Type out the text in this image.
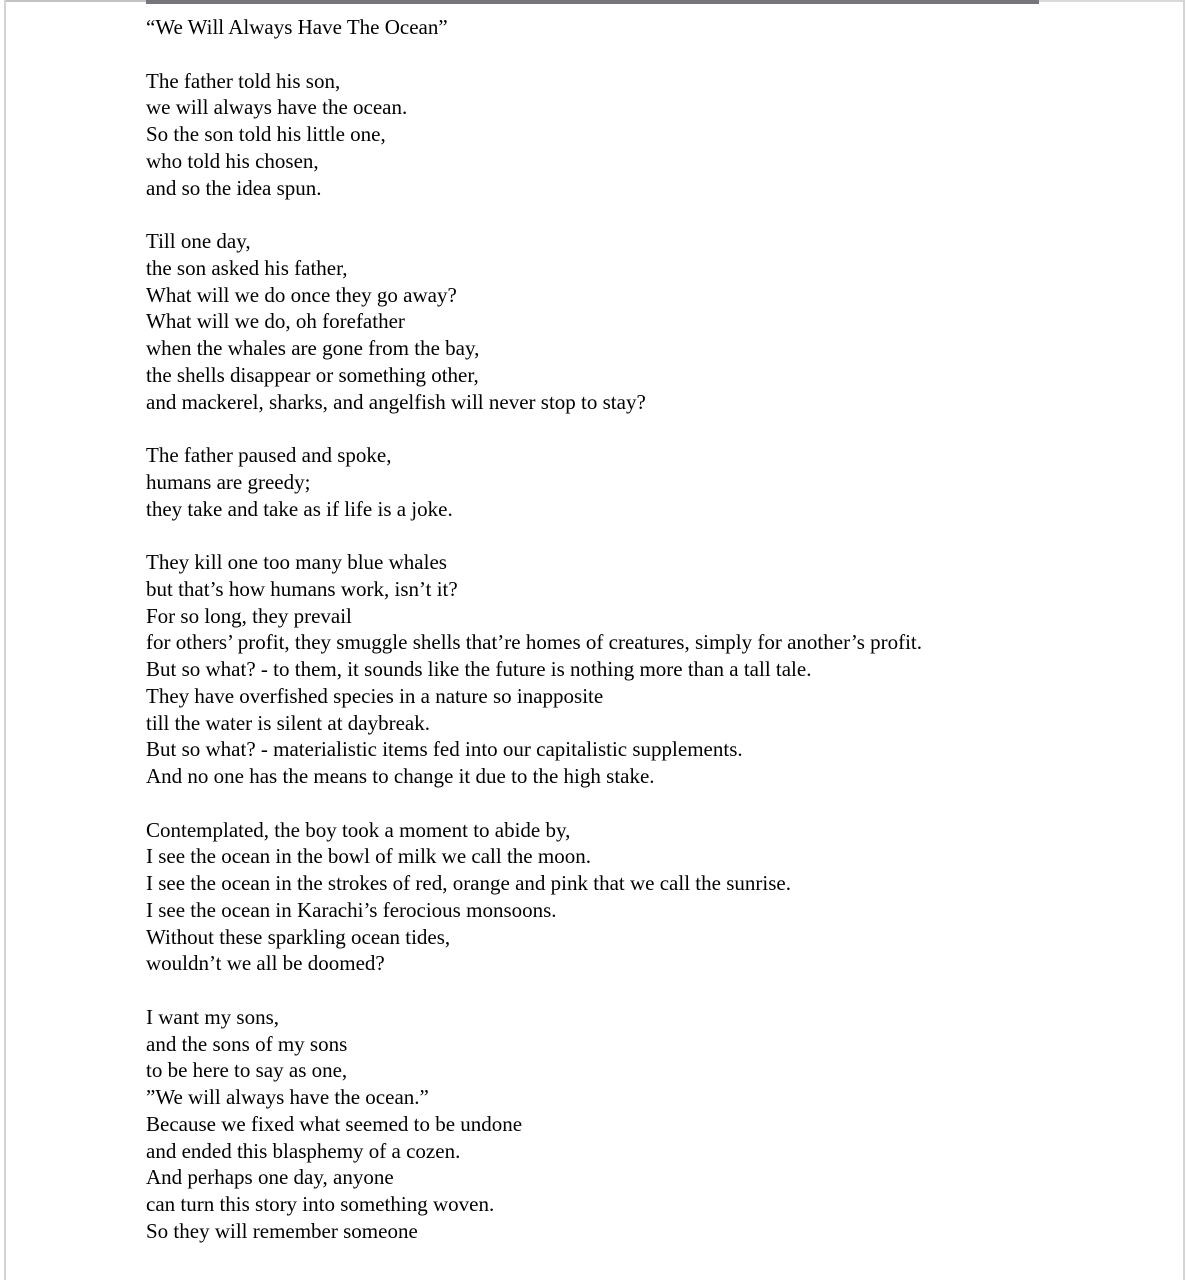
“We Will Always Have The Ocean”
The father told his son,
we will always have the ocean.
So the son told his little one,
who told his chosen,
and so the idea spun.
Till one day,
the son asked his father,
What will we do once they go away?
What will we do, oh forefather
when the whales are gone from the bay,
the shells disappear or something other,
and mackerel, sharks, and angelfish will never stop to stay?
The father paused and spoke,
humans are greedy;
they take and take as if life is a joke.
They kill one too many blue whales
but that’s how humans work, isn’t it?
For so long, they prevail
for others’ profit, they smuggle shells that’re homes of creatures, simply for another’s profit.
But so what? - to them, it sounds like the future is nothing more than a tall tale.
They have overfished species in a nature so inapposite
till the water is silent at daybreak.
But so what? - materialistic items fed into our capitalistic supplements.
And no one has the means to change it due to the high stake.
Contemplated, the boy took a moment to abide by,
I see the ocean in the bowl of milk we call the moon.
I see the ocean in the strokes of red, orange and pink that we call the sunrise.
I see the ocean in Karachi’s ferocious monsoons.
Without these sparkling ocean tides,
wouldn’t we all be doomed?
I want my sons,
and the sons of my sons
to be here to say as one,
”We will always have the ocean.”
Because we fixed what seemed to be undone
and ended this blasphemy of a cozen.
And perhaps one day, anyone
can turn this story into something woven.
So they will remember someone
